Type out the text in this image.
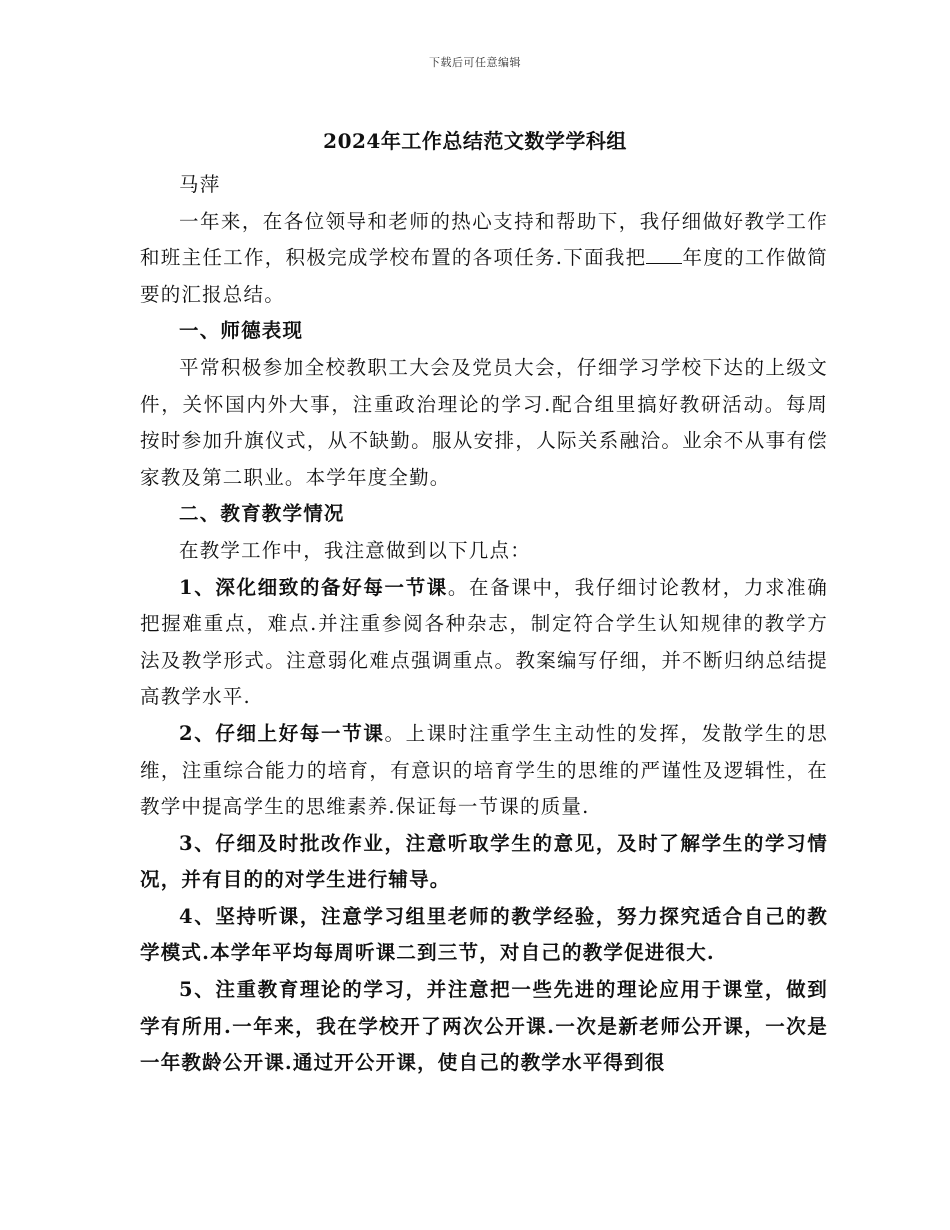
下载后可任意编辑
2024年工作总结范文数学学科组

马萍

一年来，在各位领导和老师的热心支持和帮助下，我仔细做好教学工作和班主任工作，积极完成学校布置的各项任务.下面我把 年度的工作做简要的汇报总结。

一、师德表现

平常积极参加全校教职工大会及党员大会，仔细学习学校下达的上级文件，关怀国内外大事，注重政治理论的学习.配合组里搞好教研活动。每周按时参加升旗仪式，从不缺勤。服从安排，人际关系融洽。业余不从事有偿家教及第二职业。本学年度全勤。

二、教育教学情况

在教学工作中，我注意做到以下几点：

1、深化细致的备好每一节课。在备课中，我仔细讨论教材，力求准确把握难重点，难点.并注重参阅各种杂志，制定符合学生认知规律的教学方法及教学形式。注意弱化难点强调重点。教案编写仔细，并不断归纳总结提高教学水平.

2、仔细上好每一节课。上课时注重学生主动性的发挥，发散学生的思维，注重综合能力的培育，有意识的培育学生的思维的严谨性及逻辑性，在教学中提高学生的思维素养.保证每一节课的质量.

3、仔细及时批改作业，注意听取学生的意见，及时了解学生的学习情况，并有目的的对学生进行辅导。

4、坚持听课，注意学习组里老师的教学经验，努力探究适合自己的教学模式.本学年平均每周听课二到三节，对自己的教学促进很大.

5、注重教育理论的学习，并注意把一些先进的理论应用于课堂，做到学有所用.一年来，我在学校开了两次公开课.一次是新老师公开课，一次是一年教龄公开课.通过开公开课，使自己的教学水平得到很
